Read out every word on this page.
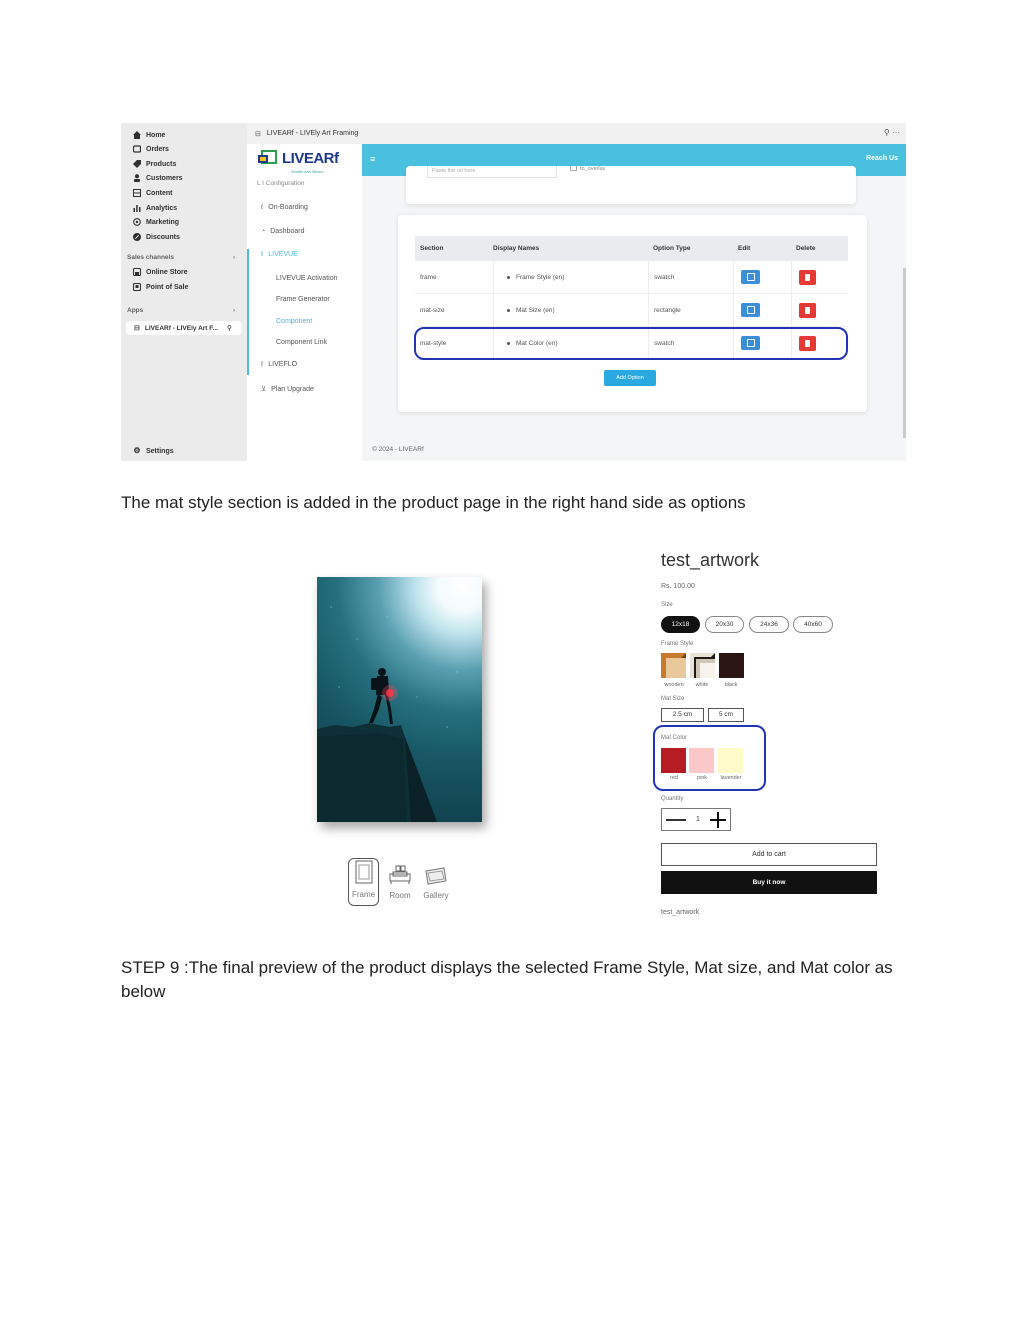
Home
Orders
Products
Customers
Content
Analytics
Marketing
Discounts
Sales channels	›
Online Store
Point of Sale
Apps	›
⊟ LIVEARf - LIVEly Art F... ⚲
⚙ Settings
⊟ LIVEARf - LIVEly Art Framing	⚲ ···
LIVEARf
Smiles Arts Bloom
L I Configuration
ℓ On-Boarding
◔ Dashboard
ℓ LIVEVUE
LIVEVUE Activation
Frame Generator
Component
Component Link
ℓ LIVEFLO
⊻ Plan Upgrade
≡	Reach Us
Paste the url here	to_overlay
Section	Display Names	Option Type	Edit	Delete
frame	Frame Style (en)	swatch
mat-size	Mat Size (en)	rectangle
mat-style	Mat Color (en)	swatch
Add Option
© 2024 - LIVEARf

The mat style section is added in the product page in the right hand side as options

Frame Room Gallery
test_artwork
Rs. 100.00
Size
12x18	20x30	24x36	40x60
Frame Style
wooden	white	black
Mat Size
2.5 cm	5 cm
Mat Color
red	pink	lavender
Quantity
1
Add to cart
Buy it now
test_artwork

STEP 9 :The final preview of the product displays the selected Frame Style, Mat size, and Mat color as below
